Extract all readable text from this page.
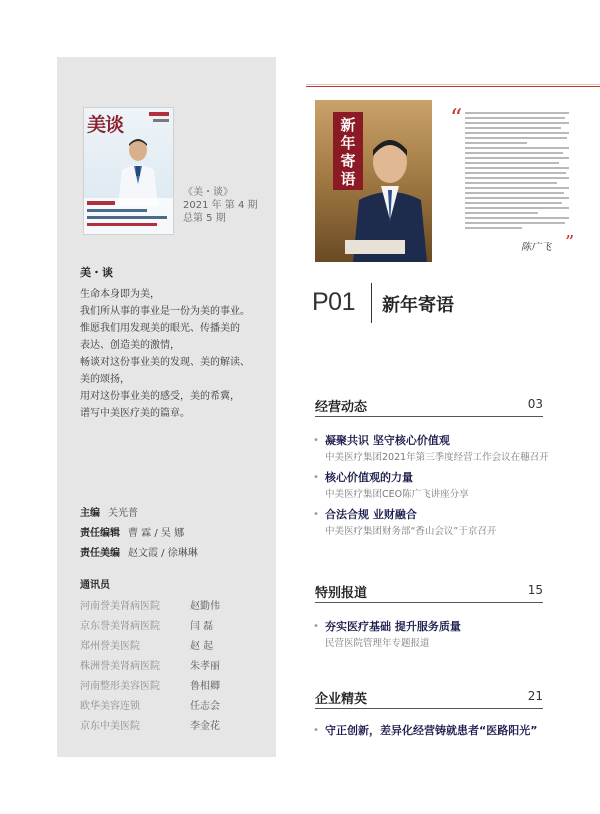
美谈
《美・谈》
2021 年 第 4 期
总第 5 期
美・谈
生命本身即为美，
我们所从事的事业是一份为美的事业。
惟愿我们用发现美的眼光、传播美的
表达、创造美的激情，
畅谈对这份事业美的发现、美的解读、
美的颂扬，
用对这份事业美的感受，美的希冀，
谱写中美医疗美的篇章。
主编 关光普
责任编辑 曹 霖 / 吴 娜
责任美编 赵文霞 / 徐琳琳
通讯员
河南誉美肾病医院	赵勤伟
京东誉美肾病医院	闫 磊
郑州誉美医院	赵 起
株洲誉美肾病医院	朱孝丽
河南整形美容医院	鲁相卿
欧华美容连锁	任志会
京东中美医院	李金花
新年寄语
“
陈广飞 ”
P01 新年寄语
经营动态	03
• 凝聚共识 坚守核心价值观
中美医疗集团2021年第三季度经营工作会议在穗召开
• 核心价值观的力量
中美医疗集团CEO陈广飞讲座分享
• 合法合规 业财融合
中美医疗集团财务部“香山会议”于京召开
特别报道	15
• 夯实医疗基础 提升服务质量
民营医院管理年专题报道
企业精英	21
• 守正创新，差异化经营铸就患者“医路阳光”
